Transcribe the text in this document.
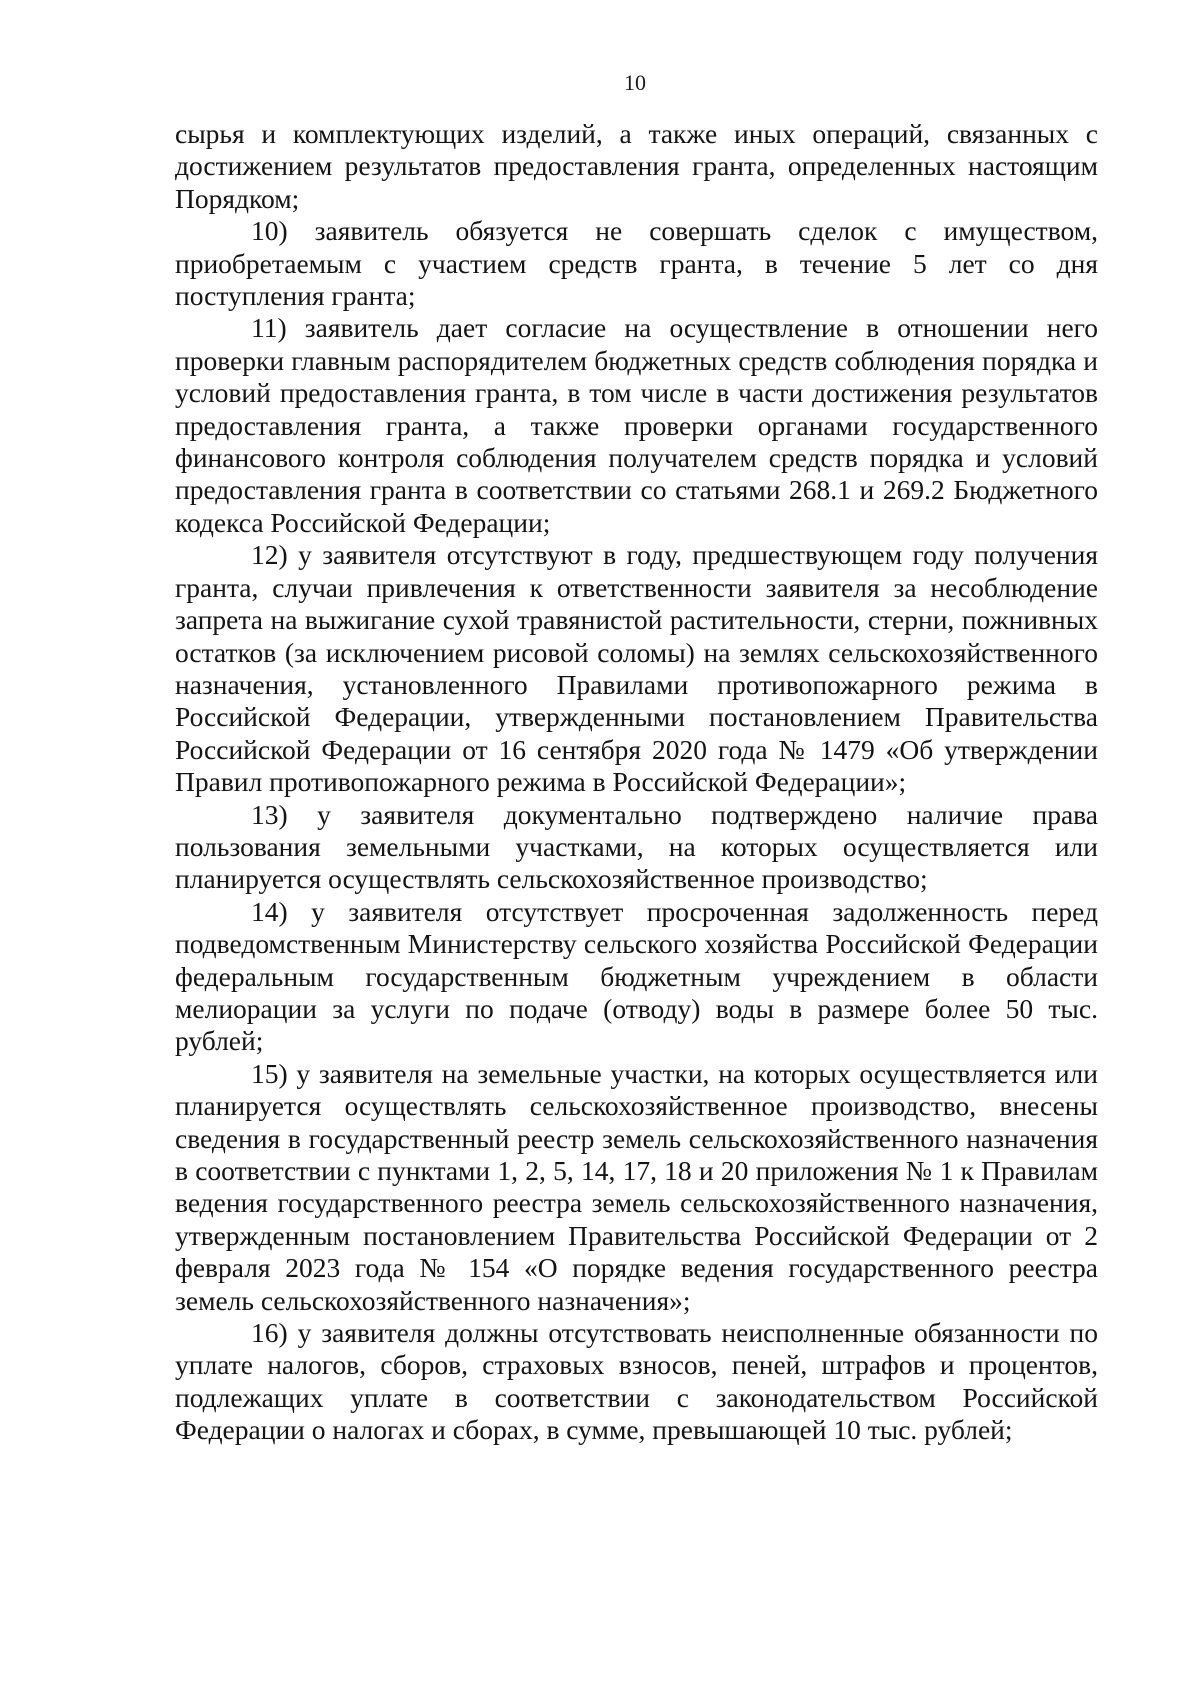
10

сырья и комплектующих изделий, а также иных операций, связанных с достижением результатов предоставления гранта, определенных настоящим Порядком;

10) заявитель обязуется не совершать сделок с имуществом, приобретаемым с участием средств гранта, в течение 5 лет со дня поступления гранта;

11) заявитель дает согласие на осуществление в отношении него проверки главным распорядителем бюджетных средств соблюдения порядка и условий предоставления гранта, в том числе в части достижения результатов предоставления гранта, а также проверки органами государственного финансового контроля соблюдения получателем средств порядка и условий предоставления гранта в соответствии со статьями 268.1 и 269.2 Бюджетного кодекса Российской Федерации;

12) у заявителя отсутствуют в году, предшествующем году получения гранта, случаи привлечения к ответственности заявителя за несоблюдение запрета на выжигание сухой травянистой растительности, стерни, пожнивных остатков (за исключением рисовой соломы) на землях сельскохозяйственного назначения, установленного Правилами противопожарного режима в Российской Федерации, утвержденными постановлением Правительства Российской Федерации от 16 сентября 2020 года № 1479 «Об утверждении Правил противопожарного режима в Российской Федерации»;

13) у заявителя документально подтверждено наличие права пользования земельными участками, на которых осуществляется или планируется осуществлять сельскохозяйственное производство;

14) у заявителя отсутствует просроченная задолженность перед подведомственным Министерству сельского хозяйства Российской Федерации федеральным государственным бюджетным учреждением в области мелиорации за услуги по подаче (отводу) воды в размере более 50 тыс. рублей;

15) у заявителя на земельные участки, на которых осуществляется или планируется осуществлять сельскохозяйственное производство, внесены сведения в государственный реестр земель сельскохозяйственного назначения в соответствии с пунктами 1, 2, 5, 14, 17, 18 и 20 приложения № 1 к Правилам ведения государственного реестра земель сельскохозяйственного назначения, утвержденным постановлением Правительства Российской Федерации от 2 февраля 2023 года № 154 «О порядке ведения государственного реестра земель сельскохозяйственного назначения»;

16) у заявителя должны отсутствовать неисполненные обязанности по уплате налогов, сборов, страховых взносов, пеней, штрафов и процентов, подлежащих уплате в соответствии с законодательством Российской Федерации о налогах и сборах, в сумме, превышающей 10 тыс. рублей;
